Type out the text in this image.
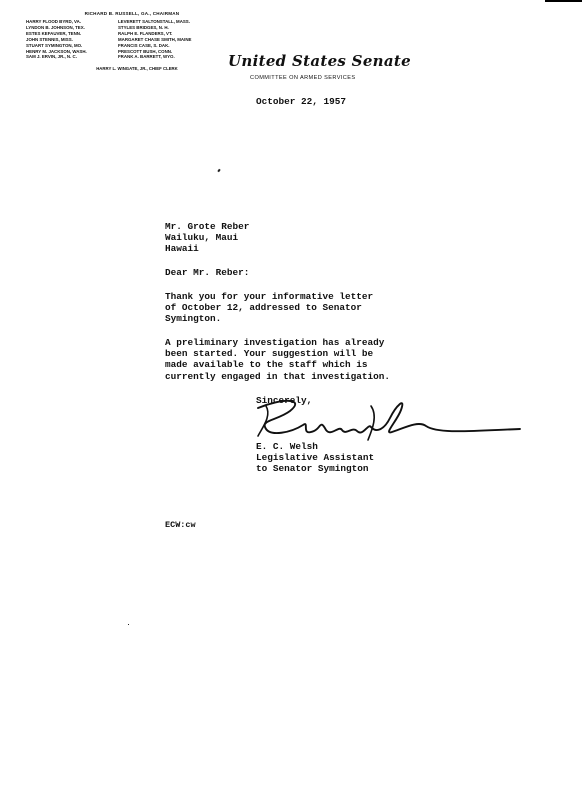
RICHARD B. RUSSELL, GA., CHAIRMAN
HARRY FLOOD BYRD, VA.
LYNDON B. JOHNSON, TEX.
ESTES KEFAUVER, TENN.
JOHN STENNIS, MISS.
STUART SYMINGTON, MO.
HENRY M. JACKSON, WASH.
SAM J. ERVIN, JR., N. C.
LEVERETT SALTONSTALL, MASS.
STYLES BRIDGES, N. H.
RALPH E. FLANDERS, VT.
MARGARET CHASE SMITH, MAINE
FRANCIS CASE, S. DAK.
PRESCOTT BUSH, CONN.
FRANK A. BARRETT, WYO.
HARRY L. WINGATE, JR., CHIEF CLERK	United States Senate
COMMITTEE ON ARMED SERVICES
October 22, 1957
Mr. Grote Reber
Wailuku, Maui
Hawaii
Dear Mr. Reber:
Thank you for your informative letter
of October 12, addressed to Senator
Symington.
A preliminary investigation has already
been started. Your suggestion will be
made available to the staff which is
currently engaged in that investigation.
Sincerely,
E. C. Welsh
Legislative Assistant
to Senator Symington
ECW:cw
